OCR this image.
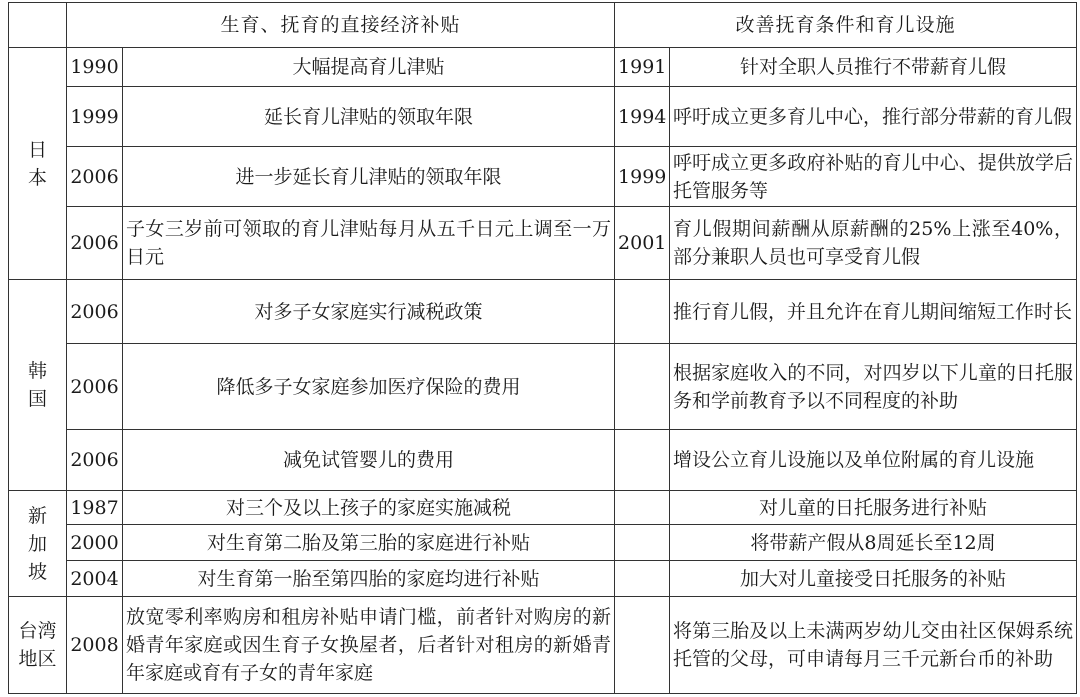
	生育、抚育的直接经济补贴		改善抚育条件和育儿设施	

日
本	1990	大幅提高育儿津贴	1991	针对全职人员推行不带薪育儿假
	1999	延长育儿津贴的领取年限	1994	呼吁成立更多育儿中心，推行部分带薪的育儿假
	2006	进一步延长育儿津贴的领取年限	1999	呼吁成立更多政府补贴的育儿中心、提供放学后托管服务等
	2006	子女三岁前可领取的育儿津贴每月从五千日元上调至一万日元	2001	育儿假期间薪酬从原薪酬的25%上涨至40%，部分兼职人员也可享受育儿假

韩
国	2006	对多子女家庭实行减税政策		推行育儿假，并且允许在育儿期间缩短工作时长
	2006	降低多子女家庭参加医疗保险的费用		根据家庭收入的不同，对四岁以下儿童的日托服务和学前教育予以不同程度的补助
	2006	减免试管婴儿的费用		增设公立育儿设施以及单位附属的育儿设施

新
加
坡	1987	对三个及以上孩子的家庭实施减税		对儿童的日托服务进行补贴
	2000	对生育第二胎及第三胎的家庭进行补贴		将带薪产假从8周延长至12周
	2004	对生育第一胎至第四胎的家庭均进行补贴		加大对儿童接受日托服务的补贴

台湾
地区	2008	放宽零利率购房和租房补贴申请门槛，前者针对购房的新婚青年家庭或因生育子女换屋者，后者针对租房的新婚青年家庭或育有子女的青年家庭		将第三胎及以上未满两岁幼儿交由社区保姆系统托管的父母，可申请每月三千元新台币的补助
